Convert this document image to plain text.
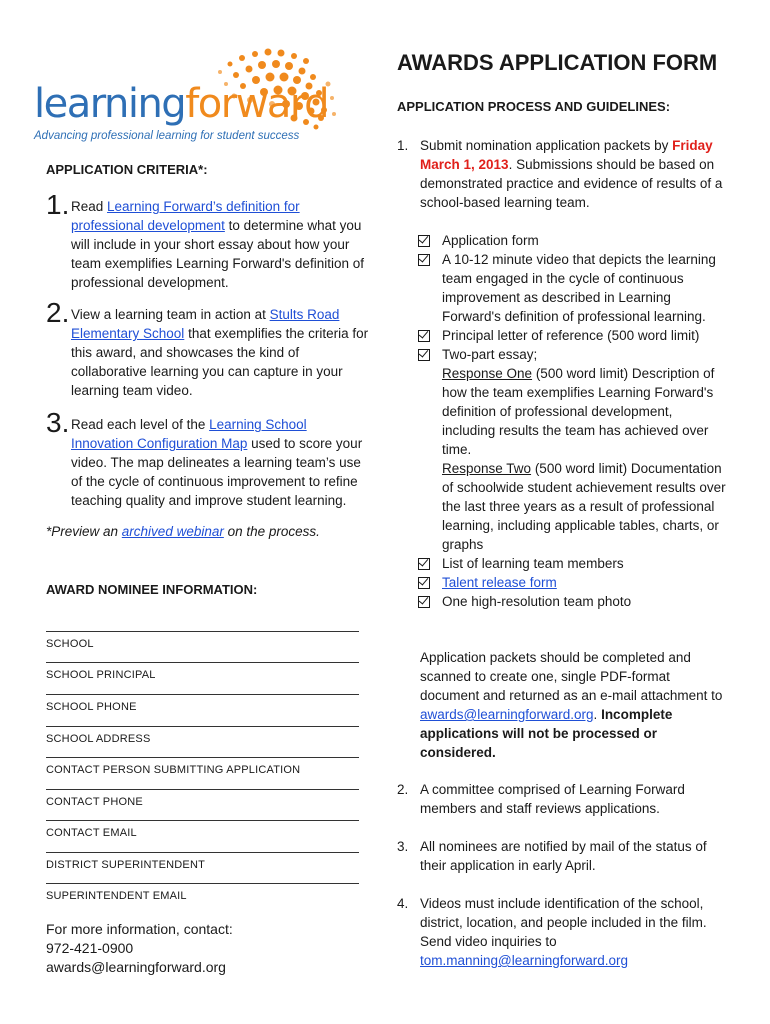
learningforward
Advancing professional learning for student success
APPLICATION CRITERIA*:
1. Read Learning Forward’s definition for professional development to determine what you will include in your short essay about how your team exemplifies Learning Forward's definition of professional development.
2. View a learning team in action at Stults Road Elementary School that exemplifies the criteria for this award, and showcases the kind of collaborative learning you can capture in your learning team video.
3. Read each level of the Learning School Innovation Configuration Map used to score your video. The map delineates a learning team’s use of the cycle of continuous improvement to refine teaching quality and improve student learning.
*Preview an archived webinar on the process.
AWARD NOMINEE INFORMATION:
SCHOOL
SCHOOL PRINCIPAL
SCHOOL PHONE
SCHOOL ADDRESS
CONTACT PERSON SUBMITTING APPLICATION
CONTACT PHONE
CONTACT EMAIL
DISTRICT SUPERINTENDENT
SUPERINTENDENT EMAIL
For more information, contact:
972-421-0900
awards@learningforward.org
AWARDS APPLICATION FORM
APPLICATION PROCESS AND GUIDELINES:
1. Submit nomination application packets by Friday March 1, 2013. Submissions should be based on demonstrated practice and evidence of results of a school-based learning team.
Application form
A 10-12 minute video that depicts the learning team engaged in the cycle of continuous improvement as described in Learning Forward's definition of professional learning.
Principal letter of reference (500 word limit)
Two-part essay;
Response One (500 word limit) Description of how the team exemplifies Learning Forward's definition of professional development, including results the team has achieved over time.
Response Two (500 word limit) Documentation of schoolwide student achievement results over the last three years as a result of professional learning, including applicable tables, charts, or graphs
List of learning team members
Talent release form
One high-resolution team photo
Application packets should be completed and scanned to create one, single PDF-format document and returned as an e-mail attachment to awards@learningforward.org. Incomplete applications will not be processed or considered.
2. A committee comprised of Learning Forward members and staff reviews applications.
3. All nominees are notified by mail of the status of their application in early April.
4. Videos must include identification of the school, district, location, and people included in the film. Send video inquiries to tom.manning@learningforward.org
